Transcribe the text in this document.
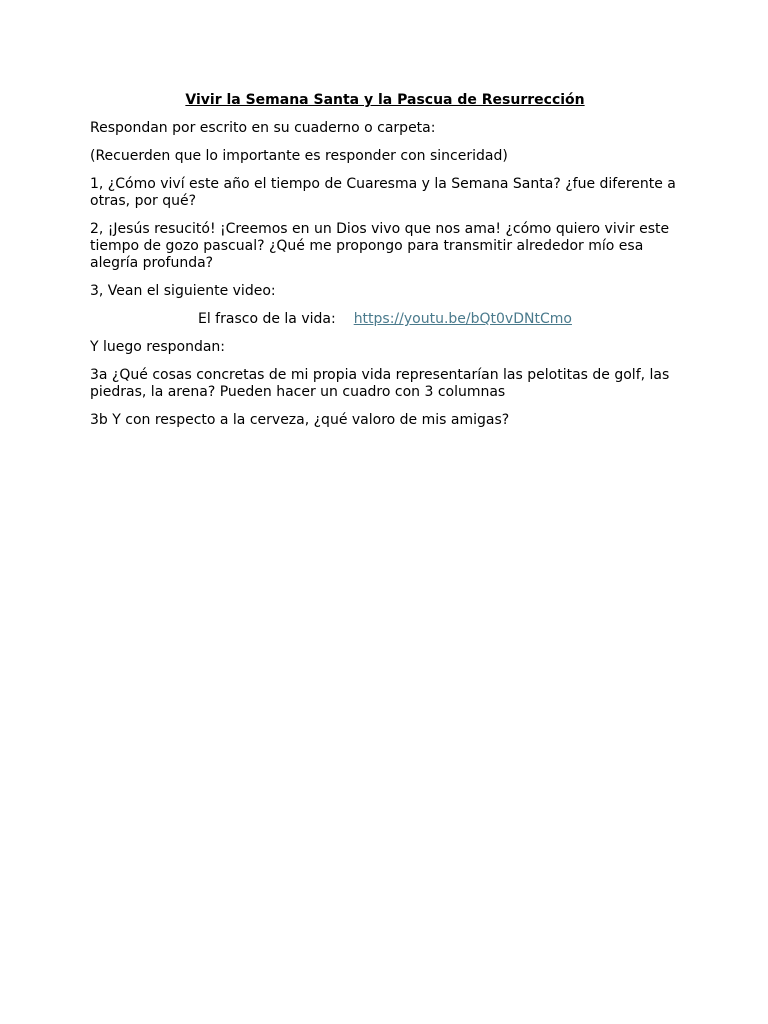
Vivir la Semana Santa y la Pascua de Resurrección
Respondan por escrito en su cuaderno o carpeta:
(Recuerden que lo importante es responder con sinceridad)
1, ¿Cómo viví este año el tiempo de Cuaresma y la Semana Santa? ¿fue diferente a otras, por qué?
2, ¡Jesús resucitó! ¡Creemos en un Dios vivo que nos ama! ¿cómo quiero vivir este tiempo de gozo pascual? ¿Qué me propongo para transmitir alrededor mío esa alegría profunda?
3, Vean el siguiente video:
El frasco de la vida: https://youtu.be/bQt0vDNtCmo
Y luego respondan:
3a ¿Qué cosas concretas de mi propia vida representarían las pelotitas de golf, las piedras, la arena? Pueden hacer un cuadro con 3 columnas
3b Y con respecto a la cerveza, ¿qué valoro de mis amigas?
